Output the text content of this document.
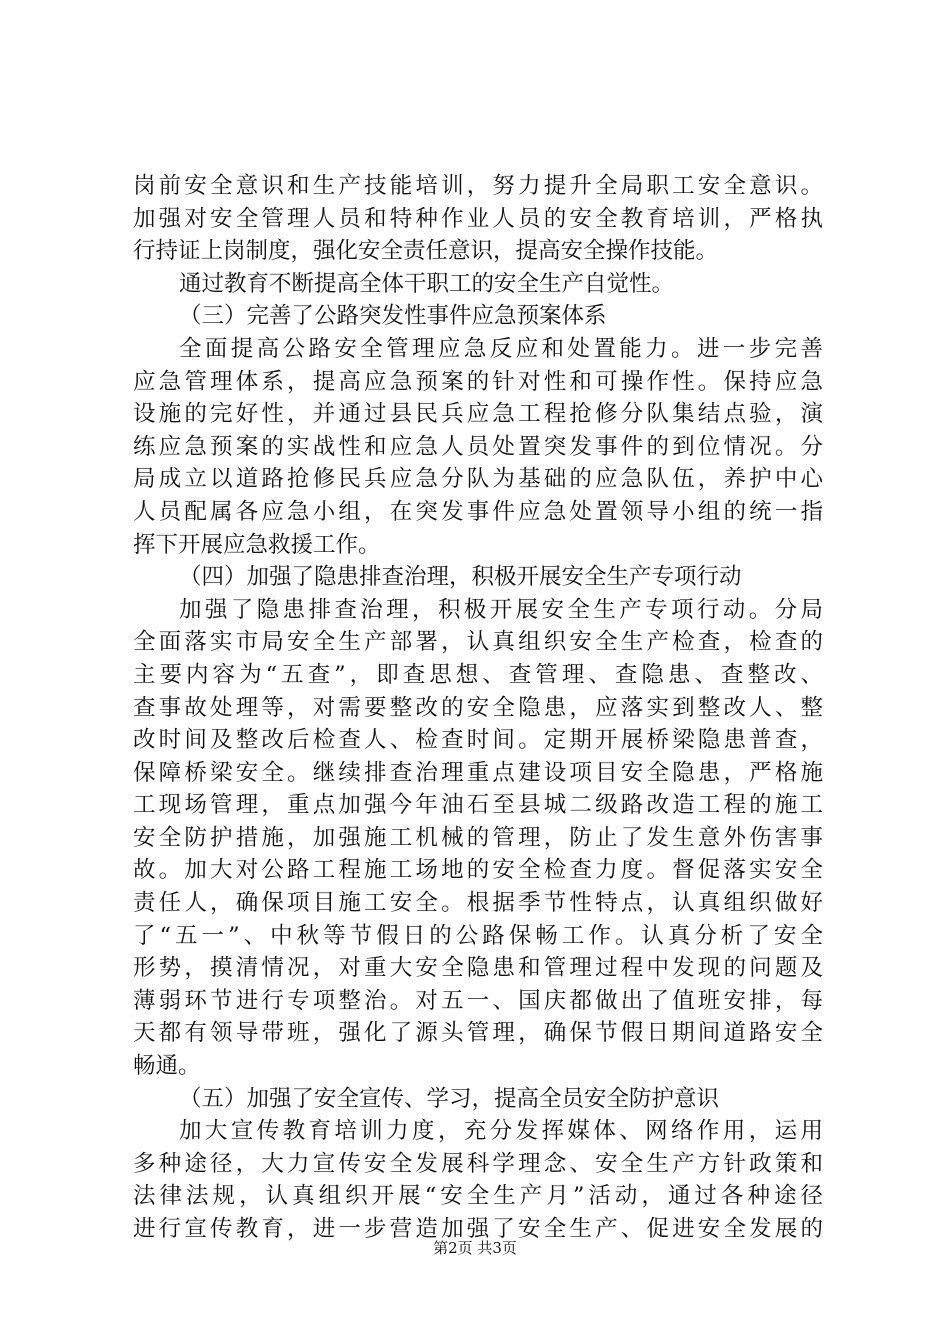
岗前安全意识和生产技能培训，努力提升全局职工安全意识。
加强对安全管理人员和特种作业人员的安全教育培训，严格执
行持证上岗制度，强化安全责任意识，提高安全操作技能。
通过教育不断提高全体干职工的安全生产自觉性。
（三）完善了公路突发性事件应急预案体系
全面提高公路安全管理应急反应和处置能力。进一步完善
应急管理体系，提高应急预案的针对性和可操作性。保持应急
设施的完好性，并通过县民兵应急工程抢修分队集结点验，演
练应急预案的实战性和应急人员处置突发事件的到位情况。分
局成立以道路抢修民兵应急分队为基础的应急队伍，养护中心
人员配属各应急小组，在突发事件应急处置领导小组的统一指
挥下开展应急救援工作。
（四）加强了隐患排查治理，积极开展安全生产专项行动
加强了隐患排查治理，积极开展安全生产专项行动。分局
全面落实市局安全生产部署，认真组织安全生产检查，检查的
主要内容为“五查”，即查思想、查管理、查隐患、查整改、
查事故处理等，对需要整改的安全隐患，应落实到整改人、整
改时间及整改后检查人、检查时间。定期开展桥梁隐患普查，
保障桥梁安全。继续排查治理重点建设项目安全隐患，严格施
工现场管理，重点加强今年油石至县城二级路改造工程的施工
安全防护措施，加强施工机械的管理，防止了发生意外伤害事
故。加大对公路工程施工场地的安全检查力度。督促落实安全
责任人，确保项目施工安全。根据季节性特点，认真组织做好
了“五一”、中秋等节假日的公路保畅工作。认真分析了安全
形势，摸清情况，对重大安全隐患和管理过程中发现的问题及
薄弱环节进行专项整治。对五一、国庆都做出了值班安排，每
天都有领导带班，强化了源头管理，确保节假日期间道路安全
畅通。
（五）加强了安全宣传、学习，提高全员安全防护意识
加大宣传教育培训力度，充分发挥媒体、网络作用，运用
多种途径，大力宣传安全发展科学理念、安全生产方针政策和
法律法规，认真组织开展“安全生产月”活动，通过各种途径
进行宣传教育，进一步营造加强了安全生产、促进安全发展的
第2页 共3页
